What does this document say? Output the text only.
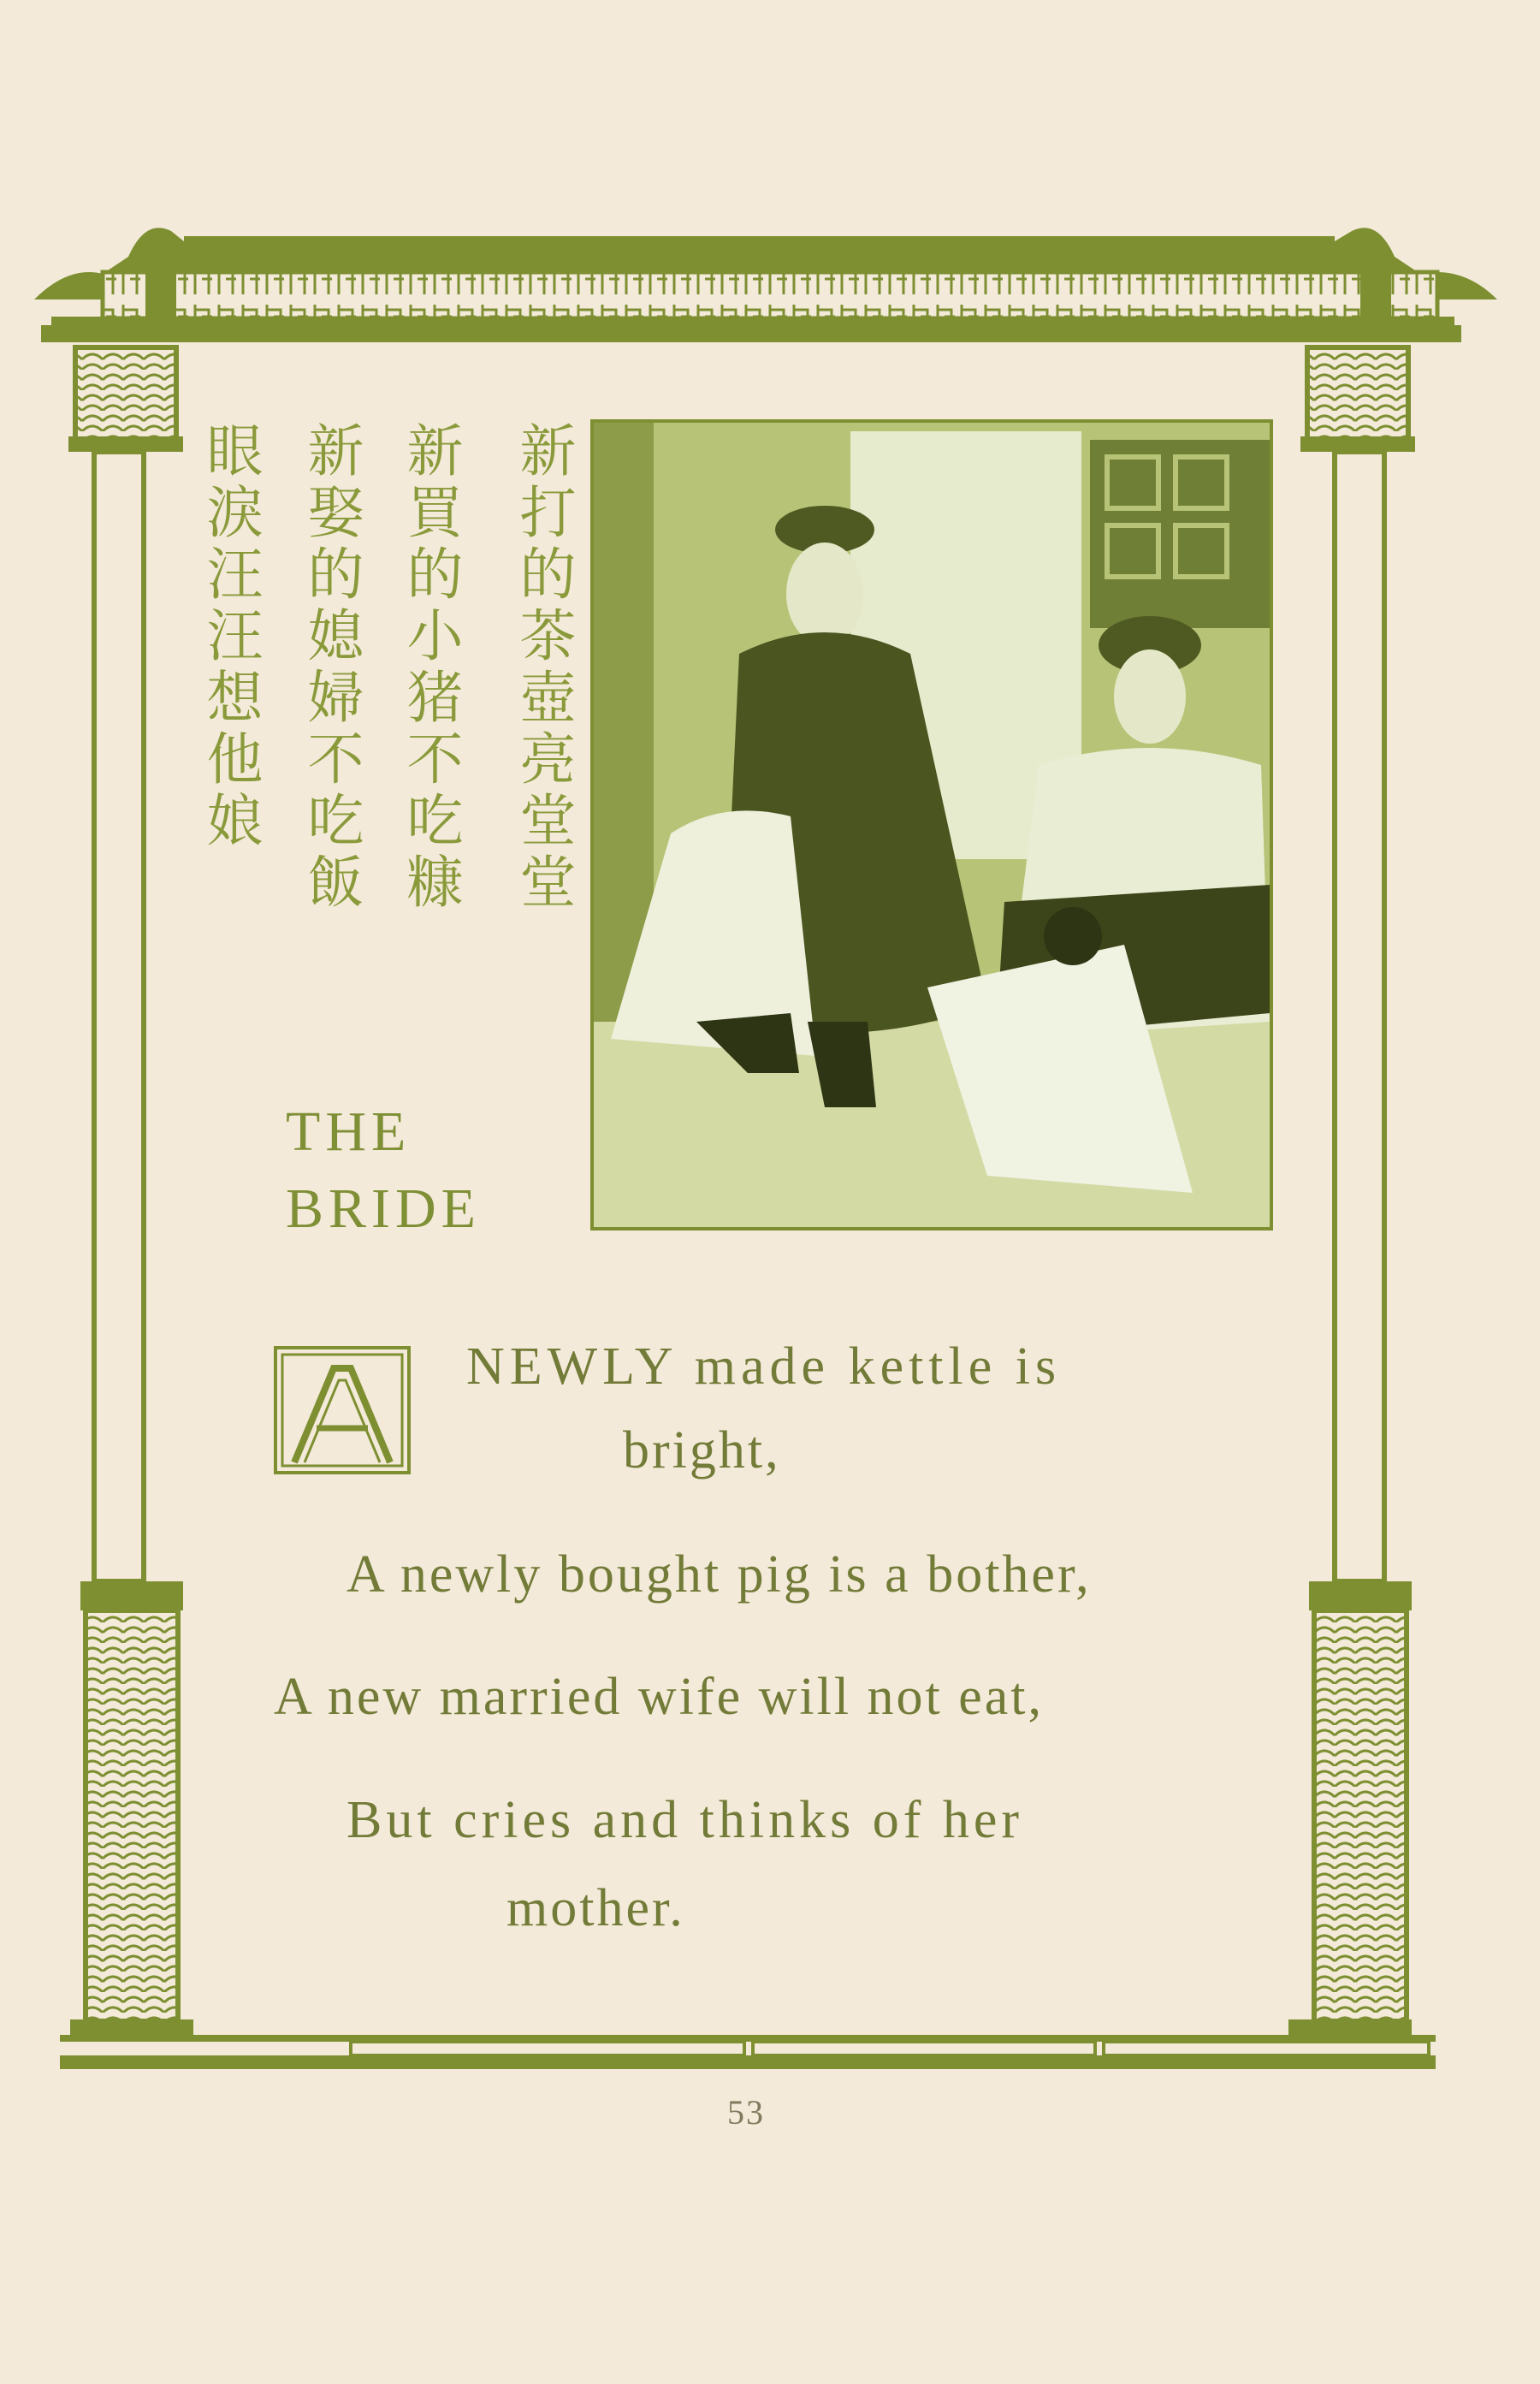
新打的茶壺亮堂堂
新買的小猪不吃糠
新娶的媳婦不吃飯
眼淚汪汪想他娘
THE
BRIDE
A
NEWLY made kettle is
bright,
A newly bought pig is a bother,
A new married wife will not eat,
But cries and thinks of her
mother.
53
